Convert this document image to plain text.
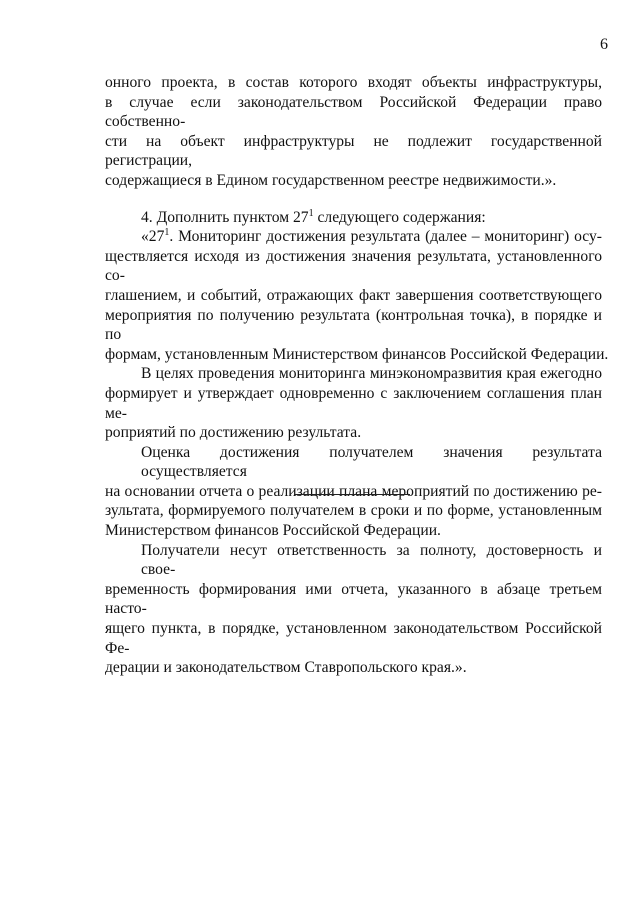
6
онного проекта, в состав которого входят объекты инфраструктуры,
в случае если законодательством Российской Федерации право собственно-
сти на объект инфраструктуры не подлежит государственной регистрации,
содержащиеся в Едином государственном реестре недвижимости.».
4. Дополнить пунктом $27^1$ следующего содержания:
«$27^1$. Мониторинг достижения результата (далее – мониторинг) осу-
ществляется исходя из достижения значения результата, установленного со-
глашением, и событий, отражающих факт завершения соответствующего
мероприятия по получению результата (контрольная точка), в порядке и по
формам, установленным Министерством финансов Российской Федерации.
В целях проведения мониторинга минэкономразвития края ежегодно
формирует и утверждает одновременно с заключением соглашения план ме-
роприятий по достижению результата.
Оценка достижения получателем значения результата осуществляется
на основании отчета о реализации плана мероприятий по достижению ре-
зультата, формируемого получателем в сроки и по форме, установленным
Министерством финансов Российской Федерации.
Получатели несут ответственность за полноту, достоверность и свое-
временность формирования ими отчета, указанного в абзаце третьем насто-
ящего пункта, в порядке, установленном законодательством Российской Фе-
дерации и законодательством Ставропольского края.».
